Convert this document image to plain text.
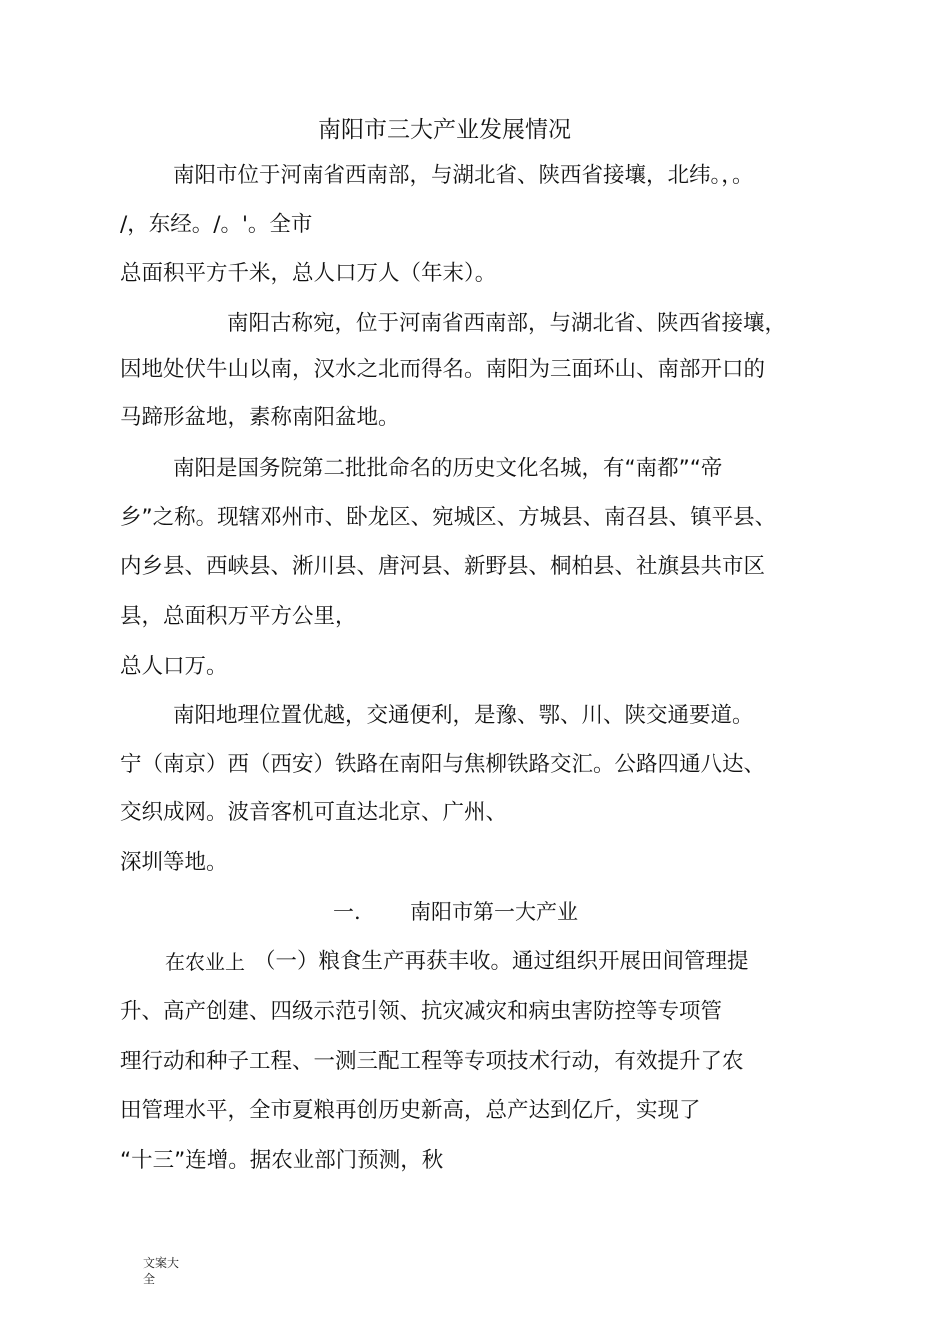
南阳市三大产业发展情况
南阳市位于河南省西南部，与湖北省、陕西省接壤，北纬。，。
/，东经。/。'。全市
总面积平方千米，总人口万人（年末）。
南阳古称宛，位于河南省西南部，与湖北省、陕西省接壤，
因地处伏牛山以南，汉水之北而得名。南阳为三面环山、南部开口的
马蹄形盆地，素称南阳盆地。
南阳是国务院第二批批命名的历史文化名城，有“南都”“帝
乡”之称。现辖邓州市、卧龙区、宛城区、方城县、南召县、镇平县、
内乡县、西峡县、淅川县、唐河县、新野县、桐柏县、社旗县共市区
县，总面积万平方公里，
总人口万。
南阳地理位置优越，交通便利，是豫、鄂、川、陕交通要道。
宁（南京）西（西安）铁路在南阳与焦柳铁路交汇。公路四通八达、
交织成网。波音客机可直达北京、广州、
深圳等地。
一. 南阳市第一大产业
在农业上 （一）粮食生产再获丰收。通过组织开展田间管理提
升、高产创建、四级示范引领、抗灾减灾和病虫害防控等专项管
理行动和种子工程、一测三配工程等专项技术行动，有效提升了农
田管理水平，全市夏粮再创历史新高，总产达到亿斤，实现了
“十三”连增。据农业部门预测，秋
文案大
全
